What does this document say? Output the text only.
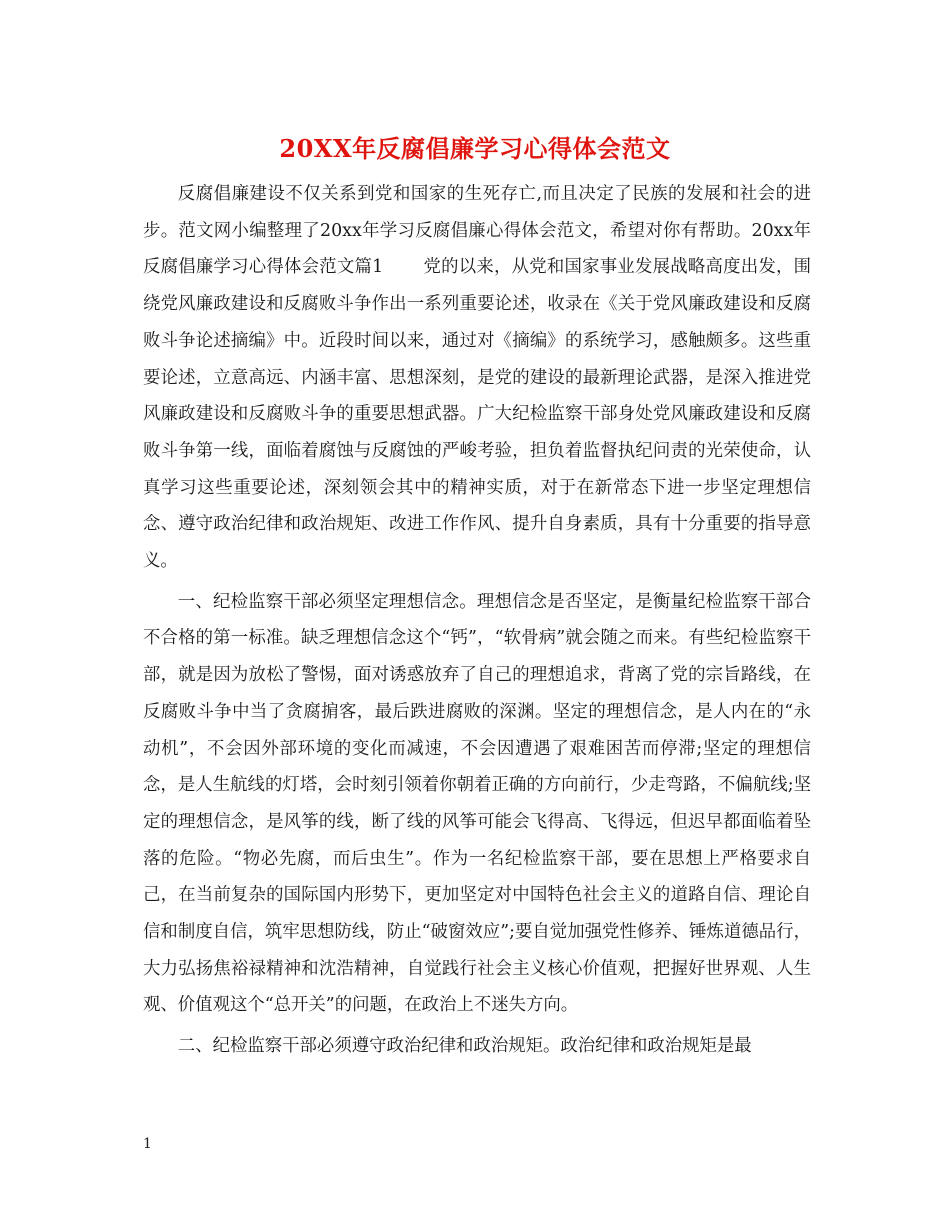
20XX年反腐倡廉学习心得体会范文

反腐倡廉建设不仅关系到党和国家的生死存亡,而且决定了民族的发展和社会的进步。范文网小编整理了20xx年学习反腐倡廉心得体会范文，希望对你有帮助。20xx年反腐倡廉学习心得体会范文篇1 党的以来，从党和国家事业发展战略高度出发，围绕党风廉政建设和反腐败斗争作出一系列重要论述，收录在《关于党风廉政建设和反腐败斗争论述摘编》中。近段时间以来，通过对《摘编》的系统学习，感触颇多。这些重要论述，立意高远、内涵丰富、思想深刻，是党的建设的最新理论武器，是深入推进党风廉政建设和反腐败斗争的重要思想武器。广大纪检监察干部身处党风廉政建设和反腐败斗争第一线，面临着腐蚀与反腐蚀的严峻考验，担负着监督执纪问责的光荣使命，认真学习这些重要论述，深刻领会其中的精神实质，对于在新常态下进一步坚定理想信念、遵守政治纪律和政治规矩、改进工作作风、提升自身素质，具有十分重要的指导意义。

一、纪检监察干部必须坚定理想信念。理想信念是否坚定，是衡量纪检监察干部合不合格的第一标准。缺乏理想信念这个“钙”，“软骨病”就会随之而来。有些纪检监察干部，就是因为放松了警惕，面对诱惑放弃了自己的理想追求，背离了党的宗旨路线，在反腐败斗争中当了贪腐掮客，最后跌进腐败的深渊。坚定的理想信念，是人内在的“永动机”，不会因外部环境的变化而减速，不会因遭遇了艰难困苦而停滞;坚定的理想信念，是人生航线的灯塔，会时刻引领着你朝着正确的方向前行，少走弯路，不偏航线;坚定的理想信念，是风筝的线，断了线的风筝可能会飞得高、飞得远，但迟早都面临着坠落的危险。“物必先腐，而后虫生”。作为一名纪检监察干部，要在思想上严格要求自己，在当前复杂的国际国内形势下，更加坚定对中国特色社会主义的道路自信、理论自信和制度自信，筑牢思想防线，防止“破窗效应”;要自觉加强党性修养、锤炼道德品行，大力弘扬焦裕禄精神和沈浩精神，自觉践行社会主义核心价值观，把握好世界观、人生观、价值观这个“总开关”的问题，在政治上不迷失方向。

二、纪检监察干部必须遵守政治纪律和政治规矩。政治纪律和政治规矩是最

1
